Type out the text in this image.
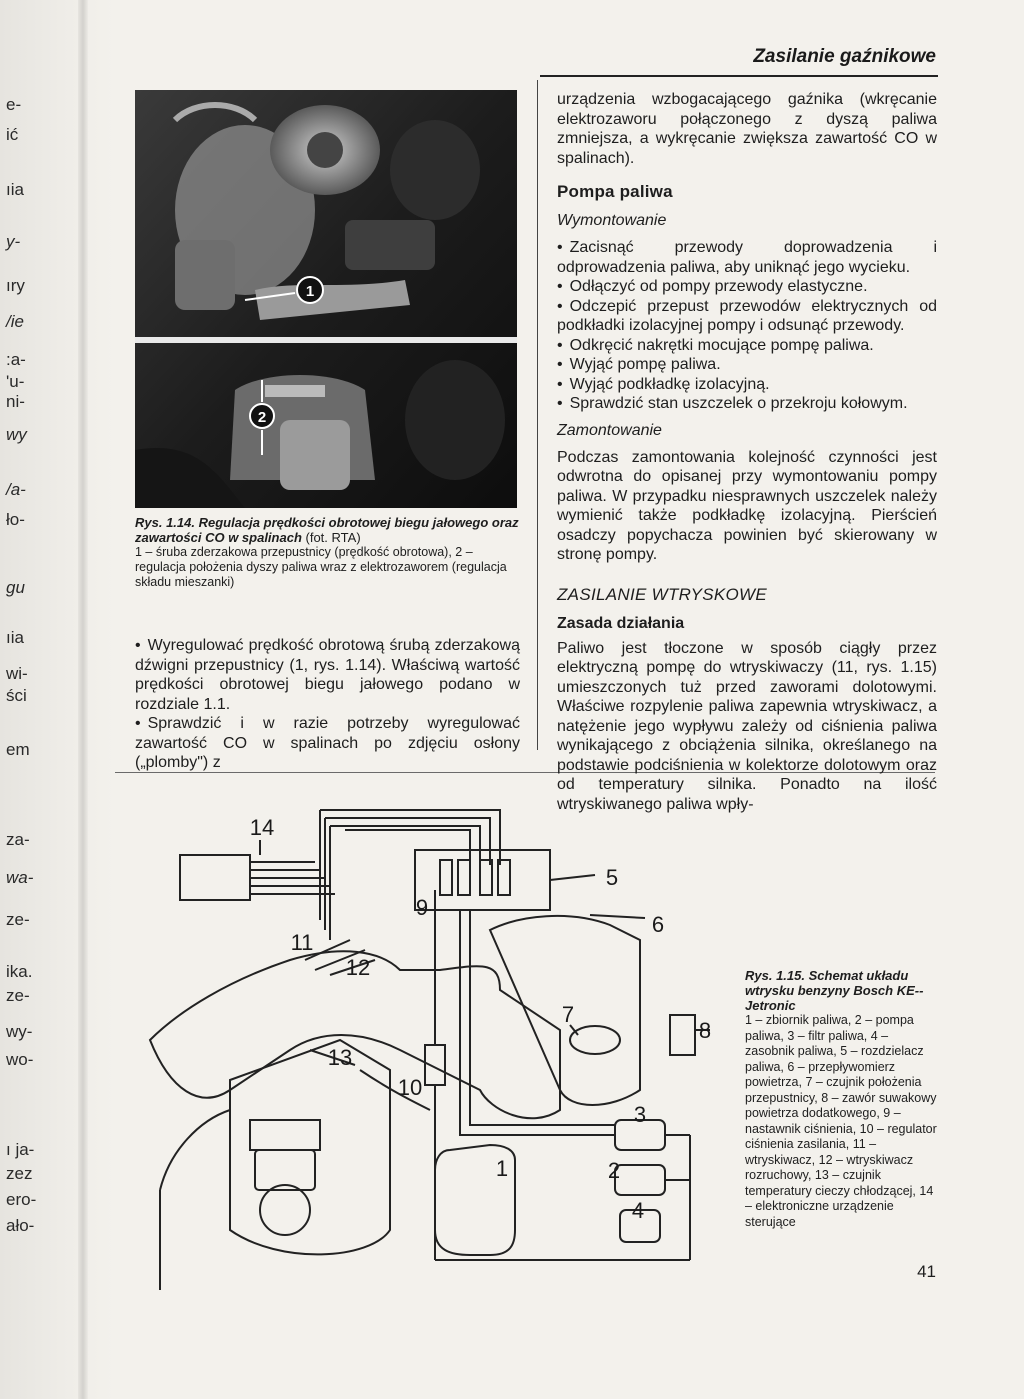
e-
ić
ıia
y-
ıry
/ie
:a-
'u-
ni-
wy
/a-
ło-
gu
ıia
wi-
ści
em
za-
wa-
ze-
ika.
ze-
wy-
wo-
ı ja-
zez
ero-
ało-
Zasilanie gaźnikowe
1
2
Rys. 1.14. Regulacja prędkości obrotowej biegu jałowego oraz zawartości CO w spalinach (fot. RTA)
1 – śruba zderzakowa przepustnicy (prędkość obrotowa), 2 – regulacja położenia dyszy paliwa wraz z elektrozaworem (regulacja składu mieszanki)
• Wyregulować prędkość obrotową śrubą zderzakową dźwigni przepustnicy (1, rys. 1.14). Właściwą wartość prędkości obrotowej biegu jałowego podano w rozdziale 1.1.
• Sprawdzić i w razie potrzeby wyregulować zawartość CO w spalinach po zdjęciu osłony („plomby") z
urządzenia wzbogacającego gaźnika (wkręcanie elektrozaworu połączonego z dyszą paliwa zmniejsza, a wykręcanie zwiększa zawartość CO w spalinach).
Pompa paliwa
Wymontowanie
• Zacisnąć przewody doprowadzenia i odprowadzenia paliwa, aby uniknąć jego wycieku.
• Odłączyć od pompy przewody elastyczne.
• Odczepić przepust przewodów elektrycznych od podkładki izolacyjnej pompy i odsunąć przewody.
• Odkręcić nakrętki mocujące pompę paliwa.
• Wyjąć pompę paliwa.
• Wyjąć podkładkę izolacyjną.
• Sprawdzić stan uszczelek o przekroju kołowym.
Zamontowanie
Podczas zamontowania kolejność czynności jest odwrotna do opisanej przy wymontowaniu pompy paliwa. W przypadku niesprawnych uszczelek należy wymienić także podkładkę izolacyjną. Pierścień osadczy popychacza powinien być skierowany w stronę pompy.
ZASILANIE WTRYSKOWE
Zasada działania
Paliwo jest tłoczone w sposób ciągły przez elektryczną pompę do wtryskiwaczy (11, rys. 1.15) umieszczonych tuż przed zaworami dolotowymi. Właściwe rozpylenie paliwa zapewnia wtryskiwacz, a natężenie jego wypływu zależy od ciśnienia paliwa wynikającego z obciążenia silnika, określanego na podstawie podciśnienia w kolektorze dolotowym oraz od temperatury silnika. Ponadto na ilość wtryskiwanego paliwa wpły-
14
5
9
6
11
12
7
8
13
10
3
2
1
4
Rys. 1.15. Schemat układu wtrysku benzyny Bosch KE--Jetronic
1 – zbiornik paliwa, 2 – pompa paliwa, 3 – filtr paliwa, 4 – zasobnik paliwa, 5 – rozdzielacz paliwa, 6 – przepływomierz powietrza, 7 – czujnik położenia przepustnicy, 8 – zawór suwakowy powietrza dodatkowego, 9 – nastawnik ciśnienia, 10 – regulator ciśnienia zasilania, 11 – wtryskiwacz, 12 – wtryskiwacz rozruchowy, 13 – czujnik temperatury cieczy chłodzącej, 14 – elektroniczne urządzenie sterujące
41
